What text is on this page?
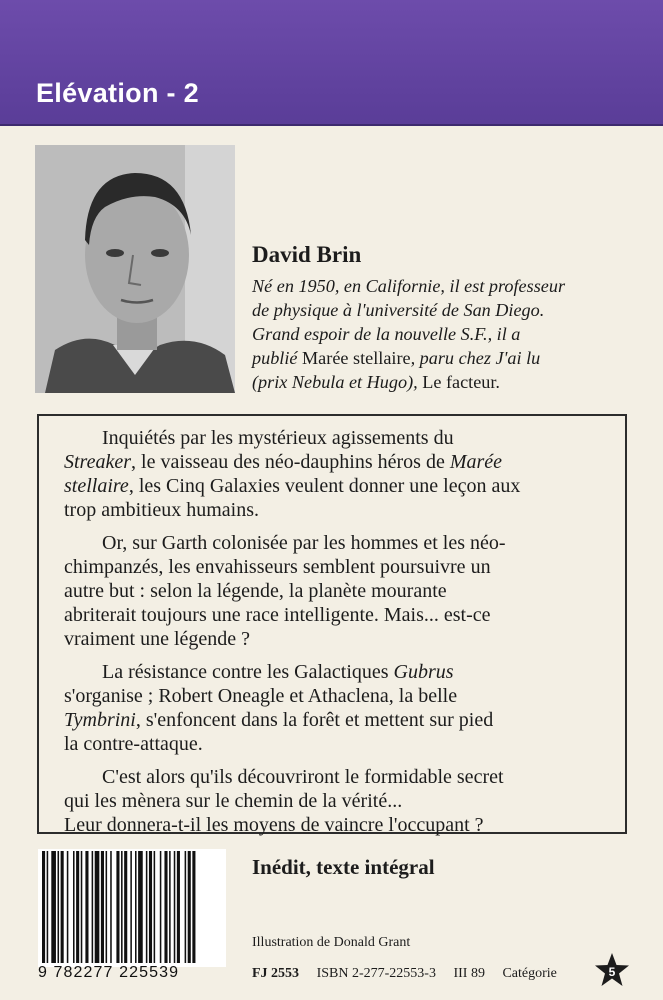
Elévation - 2
David Brin
Né en 1950, en Californie, il est professeur
de physique à l'université de San Diego.
Grand espoir de la nouvelle S.F., il a
publié Marée stellaire, paru chez J'ai lu
(prix Nebula et Hugo), Le facteur.

Inquiétés par les mystérieux agissements du
Streaker, le vaisseau des néo-dauphins héros de Marée
stellaire, les Cinq Galaxies veulent donner une leçon aux
trop ambitieux humains.

Or, sur Garth colonisée par les hommes et les néo-
chimpanzés, les envahisseurs semblent poursuivre un
autre but : selon la légende, la planète mourante
abriterait toujours une race intelligente. Mais... est-ce
vraiment une légende ?

La résistance contre les Galactiques Gubrus
s'organise ; Robert Oneagle et Athaclena, la belle
Tymbrini, s'enfoncent dans la forêt et mettent sur pied
la contre-attaque.

C'est alors qu'ils découvriront le formidable secret
qui les mènera sur le chemin de la vérité...
Leur donnera-t-il les moyens de vaincre l'occupant ?

9 782277 225539
Inédit, texte intégral
Illustration de Donald Grant
FJ 2553 ISBN 2-277-22553-3 III 89 Catégorie	5
